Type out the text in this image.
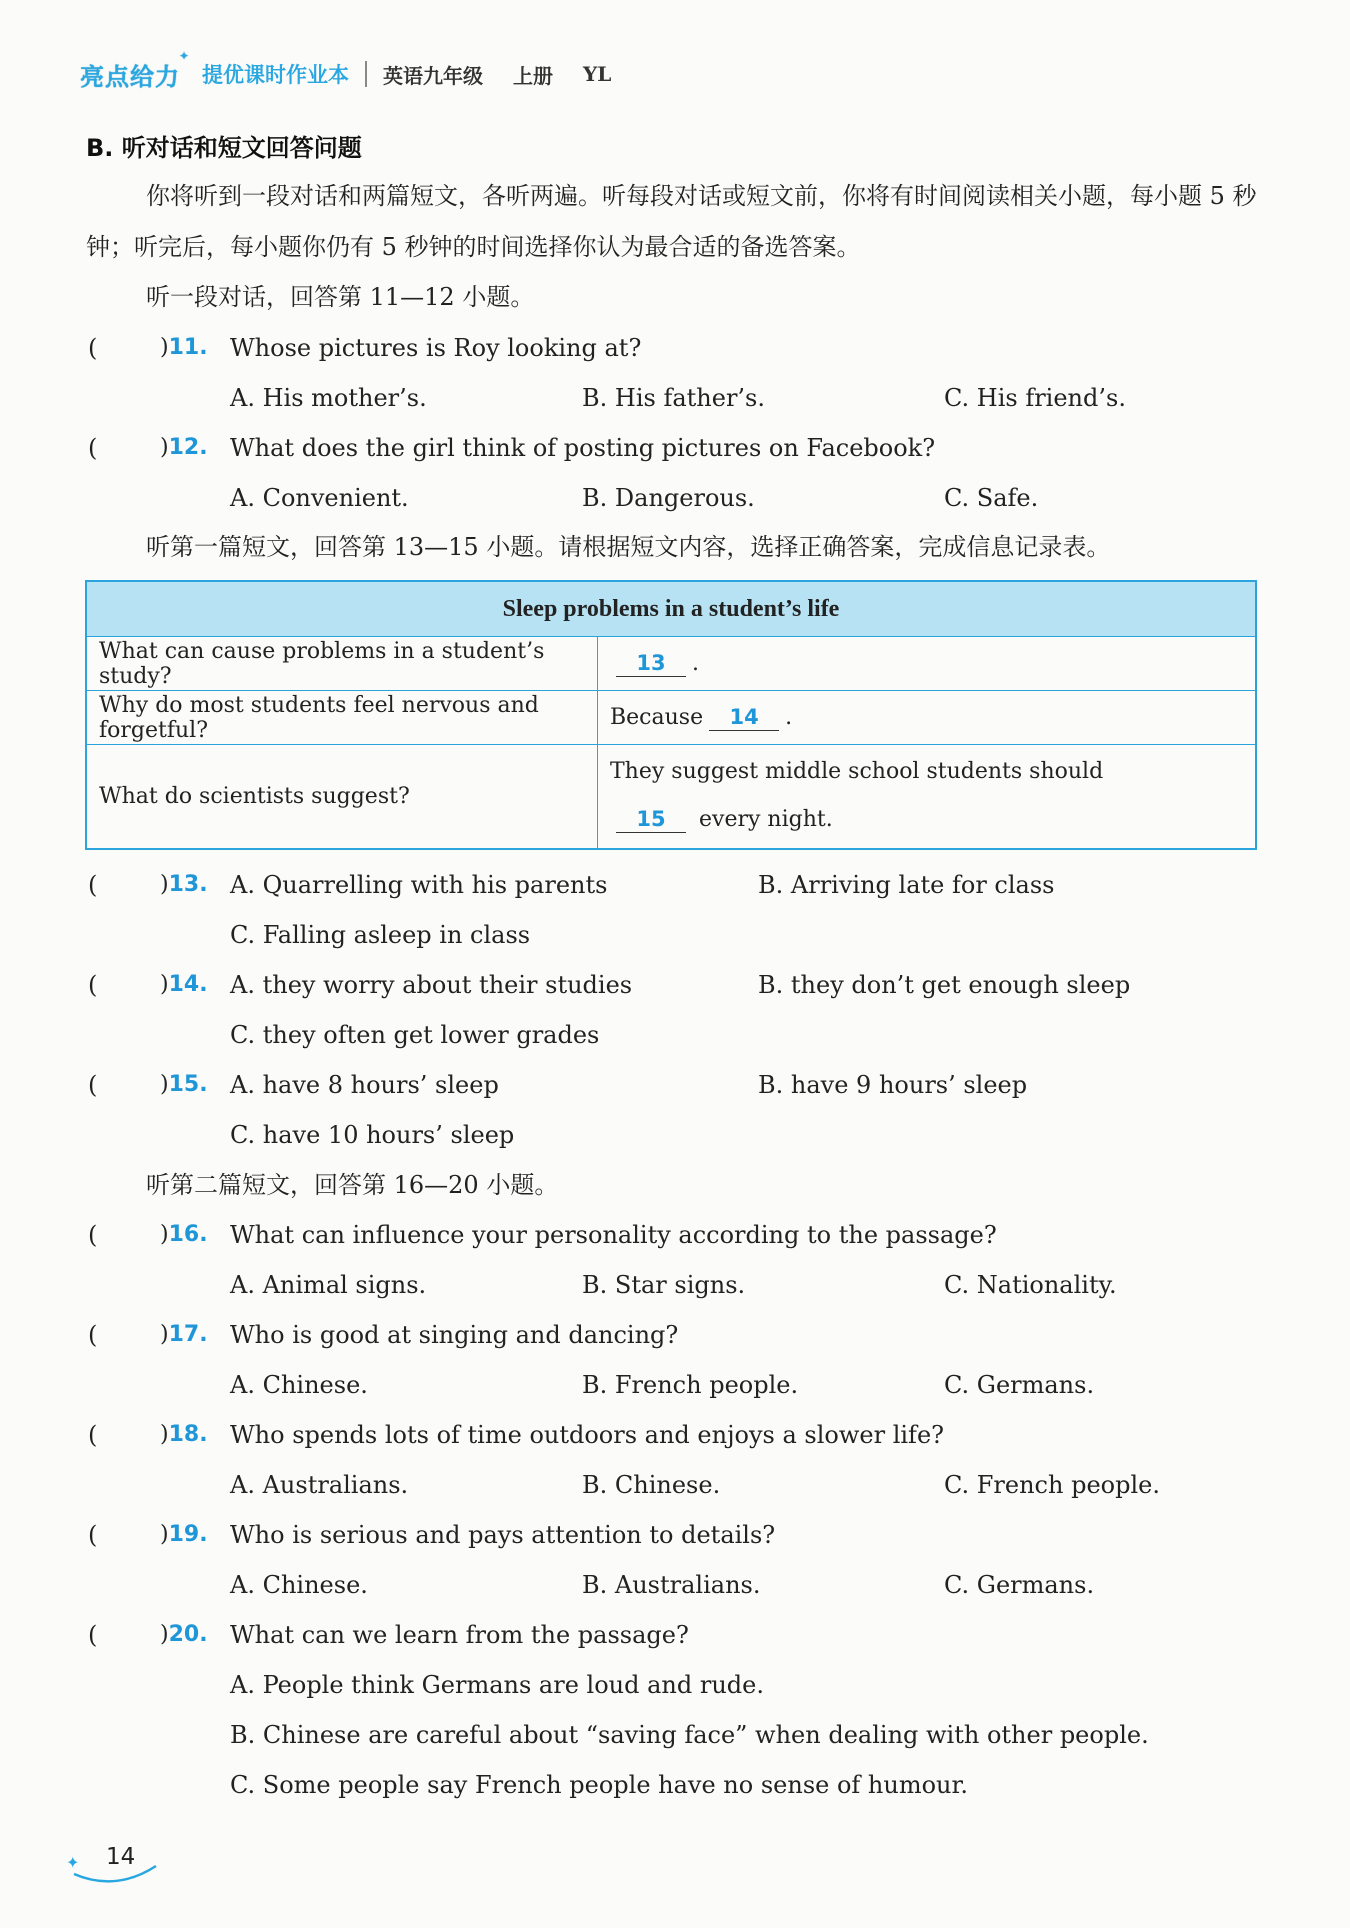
亮点给力
✦
提优课时作业本 英语九年级 上册 YL
B. 听对话和短文回答问题
你将听到一段对话和两篇短文，各听两遍。听每段对话或短文前，你将有时间阅读相关小题，每小题 5 秒钟；听完后，每小题你仍有 5 秒钟的时间选择你认为最合适的备选答案。
听一段对话，回答第 11—12 小题。
(	)11. Whose pictures is Roy looking at?
A. His mother’s.	B. His father’s.	C. His friend’s.
(	)12. What does the girl think of posting pictures on Facebook?
A. Convenient.	B. Dangerous.	C. Safe.
听第一篇短文，回答第 13—15 小题。请根据短文内容，选择正确答案，完成信息记录表。
Sleep problems in a student’s life	
What can cause problems in a student’s study?	13 .
Why do most students feel nervous and forgetful?	Because 14 .
What do scientists suggest?	They suggest middle school students should
15 every night.
(	)13. A. Quarrelling with his parents	B. Arriving late for class
C. Falling asleep in class
(	)14. A. they worry about their studies	B. they don’t get enough sleep
C. they often get lower grades
(	)15. A. have 8 hours’ sleep	B. have 9 hours’ sleep
C. have 10 hours’ sleep
听第二篇短文，回答第 16—20 小题。
(	)16. What can influence your personality according to the passage?
A. Animal signs.	B. Star signs.	C. Nationality.
(	)17. Who is good at singing and dancing?
A. Chinese.	B. French people.	C. Germans.
(	)18. Who spends lots of time outdoors and enjoys a slower life?
A. Australians.	B. Chinese.	C. French people.
(	)19. Who is serious and pays attention to details?
A. Chinese.	B. Australians.	C. Germans.
(	)20. What can we learn from the passage?
A. People think Germans are loud and rude.
B. Chinese are careful about “saving face” when dealing with other people.
C. Some people say French people have no sense of humour.
✦ 14
